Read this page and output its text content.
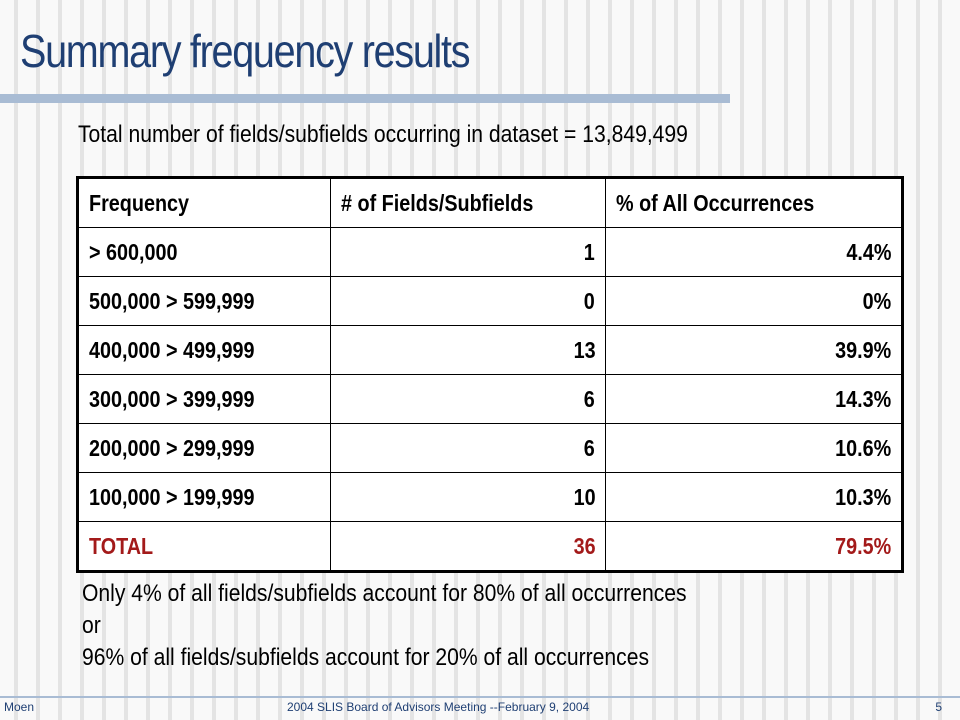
Summary frequency results
Total number of fields/subfields occurring in dataset = 13,849,499
Frequency	# of Fields/Subfields	% of All Occurrences
> 600,000	1	4.4%
500,000 > 599,999	0	0%
400,000 > 499,999	13	39.9%
300,000 > 399,999	6	14.3%
200,000 > 299,999	6	10.6%
100,000 > 199,999	10	10.3%
TOTAL	36	79.5%
Only 4% of all fields/subfields account for 80% of all occurrences
or
96% of all fields/subfields account for 20% of all occurrences
Moen	2004 SLIS Board of Advisors Meeting --February 9, 2004	5
